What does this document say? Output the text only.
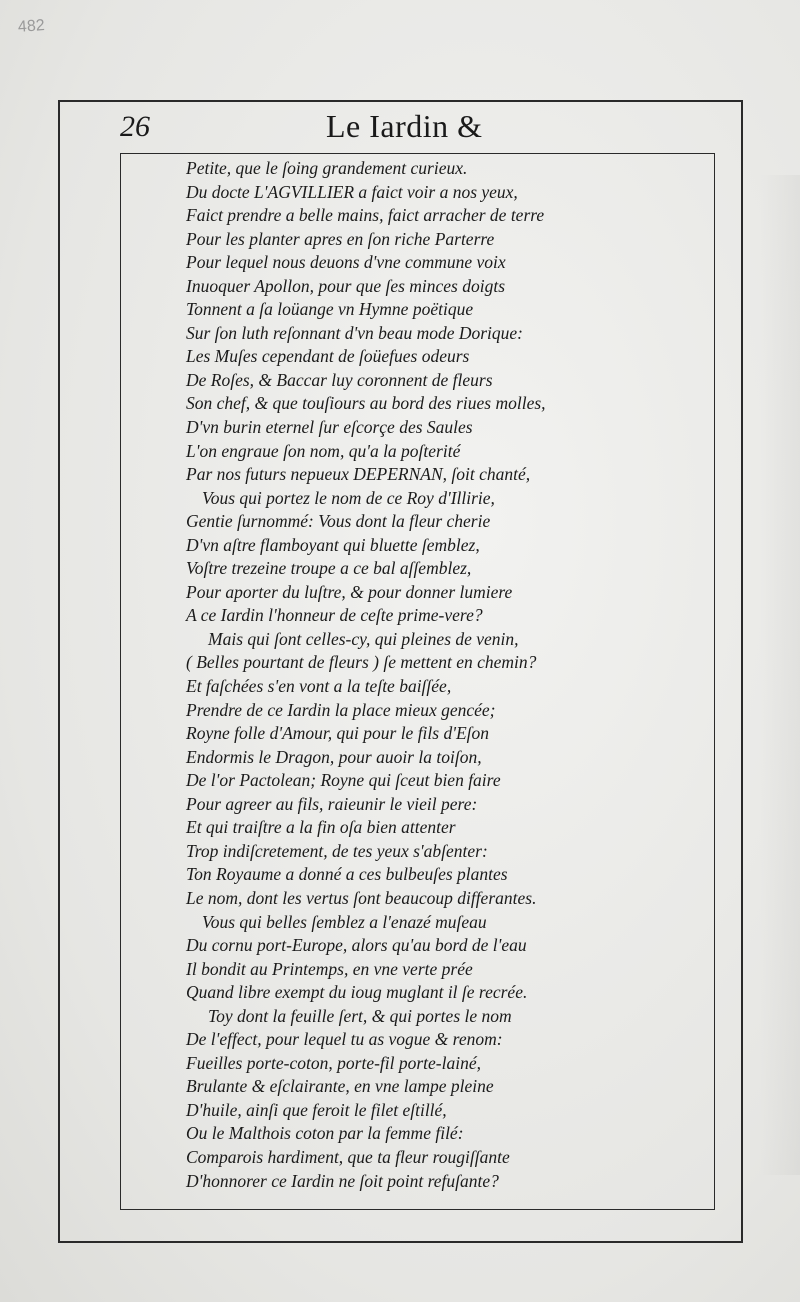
482
26	Le Iardin &
Petite, que le ſoing grandement curieux.
Du docte L'AGVILLIER a faict voir a nos yeux,
Faict prendre a belle mains, faict arracher de terre
Pour les planter apres en ſon riche Parterre
Pour lequel nous deuons d'vne commune voix
Inuoquer Apollon, pour que ſes minces doigts
Tonnent a ſa loüange vn Hymne poëtique
Sur ſon luth reſonnant d'vn beau mode Dorique:
Les Muſes cependant de ſoüefues odeurs
De Roſes, & Baccar luy coronnent de fleurs
Son chef, & que touſiours au bord des riues molles,
D'vn burin eternel ſur eſcorçe des Saules
L'on engraue ſon nom, qu'a la poſterité
Par nos futurs nepueux DEPERNAN, ſoit chanté,
Vous qui portez le nom de ce Roy d'Illirie,
Gentie ſurnommé: Vous dont la fleur cherie
D'vn aſtre flamboyant qui bluette ſemblez,
Voſtre trezeine troupe a ce bal aſſemblez,
Pour aporter du luſtre, & pour donner lumiere
A ce Iardin l'honneur de ceſte prime-vere?
Mais qui ſont celles-cy, qui pleines de venin,
( Belles pourtant de fleurs ) ſe mettent en chemin?
Et faſchées s'en vont a la teſte baiſſée,
Prendre de ce Iardin la place mieux gencée;
Royne folle d'Amour, qui pour le fils d'Eſon
Endormis le Dragon, pour auoir la toiſon,
De l'or Pactolean; Royne qui ſceut bien faire
Pour agreer au fils, raieunir le vieil pere:
Et qui traiſtre a la fin oſa bien attenter
Trop indiſcretement, de tes yeux s'abſenter:
Ton Royaume a donné a ces bulbeuſes plantes
Le nom, dont les vertus ſont beaucoup differantes.
Vous qui belles ſemblez a l'enazé muſeau
Du cornu port-Europe, alors qu'au bord de l'eau
Il bondit au Printemps, en vne verte prée
Quand libre exempt du ioug muglant il ſe recrée.
Toy dont la feuille ſert, & qui portes le nom
De l'effect, pour lequel tu as vogue & renom:
Fueilles porte-coton, porte-fil porte-lainé,
Brulante & eſclairante, en vne lampe pleine
D'huile, ainſi que feroit le filet eſtillé,
Ou le Malthois coton par la femme filé:
Comparois hardiment, que ta fleur rougiſſante
D'honnorer ce Iardin ne ſoit point refuſante?
